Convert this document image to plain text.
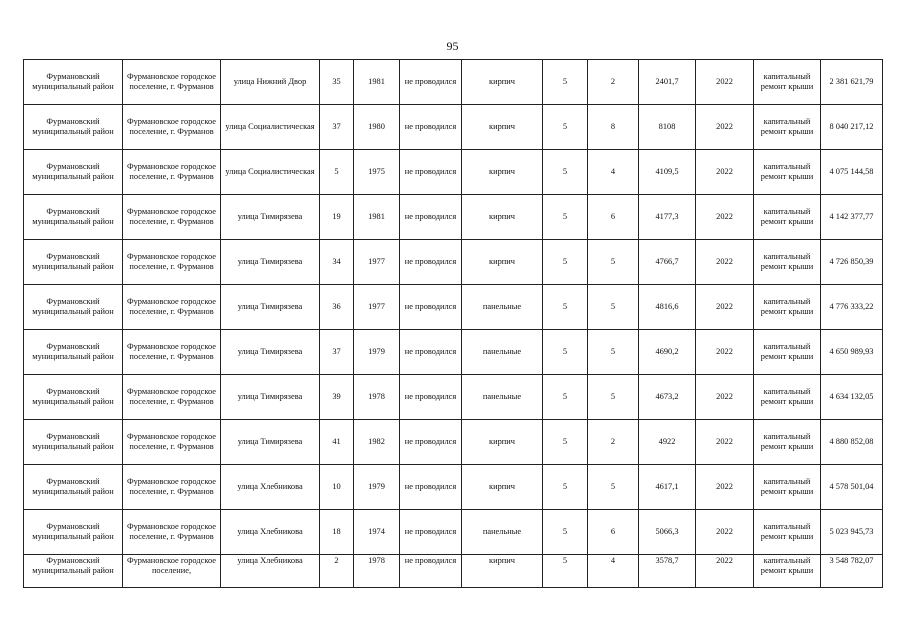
95
Фурмановский муниципальный район	Фурмановское городское поселение, г. Фурманов	улица Нижний Двор	35	1981	не проводился	кирпич	5	2	2401,7	2022	капитальный ремонт крыши	2 381 621,79
Фурмановский муниципальный район	Фурмановское городское поселение, г. Фурманов	улица Социалистическая	37	1980	не проводился	кирпич	5	8	8108	2022	капитальный ремонт крыши	8 040 217,12
Фурмановский муниципальный район	Фурмановское городское поселение, г. Фурманов	улица Социалистическая	5	1975	не проводился	кирпич	5	4	4109,5	2022	капитальный ремонт крыши	4 075 144,58
Фурмановский муниципальный район	Фурмановское городское поселение, г. Фурманов	улица Тимирязева	19	1981	не проводился	кирпич	5	6	4177,3	2022	капитальный ремонт крыши	4 142 377,77
Фурмановский муниципальный район	Фурмановское городское поселение, г. Фурманов	улица Тимирязева	34	1977	не проводился	кирпич	5	5	4766,7	2022	капитальный ремонт крыши	4 726 850,39
Фурмановский муниципальный район	Фурмановское городское поселение, г. Фурманов	улица Тимирязева	36	1977	не проводился	панельные	5	5	4816,6	2022	капитальный ремонт крыши	4 776 333,22
Фурмановский муниципальный район	Фурмановское городское поселение, г. Фурманов	улица Тимирязева	37	1979	не проводился	панельные	5	5	4690,2	2022	капитальный ремонт крыши	4 650 989,93
Фурмановский муниципальный район	Фурмановское городское поселение, г. Фурманов	улица Тимирязева	39	1978	не проводился	панельные	5	5	4673,2	2022	капитальный ремонт крыши	4 634 132,05
Фурмановский муниципальный район	Фурмановское городское поселение, г. Фурманов	улица Тимирязева	41	1982	не проводился	кирпич	5	2	4922	2022	капитальный ремонт крыши	4 880 852,08
Фурмановский муниципальный район	Фурмановское городское поселение, г. Фурманов	улица Хлебникова	10	1979	не проводился	кирпич	5	5	4617,1	2022	капитальный ремонт крыши	4 578 501,04
Фурмановский муниципальный район	Фурмановское городское поселение, г. Фурманов	улица Хлебникова	18	1974	не проводился	панельные	5	6	5066,3	2022	капитальный ремонт крыши	5 023 945,73
Фурмановский муниципальный район	Фурмановское городское поселение,	улица Хлебникова	2	1978	не проводился	кирпич	5	4	3578,7	2022	капитальный ремонт крыши	3 548 782,07
